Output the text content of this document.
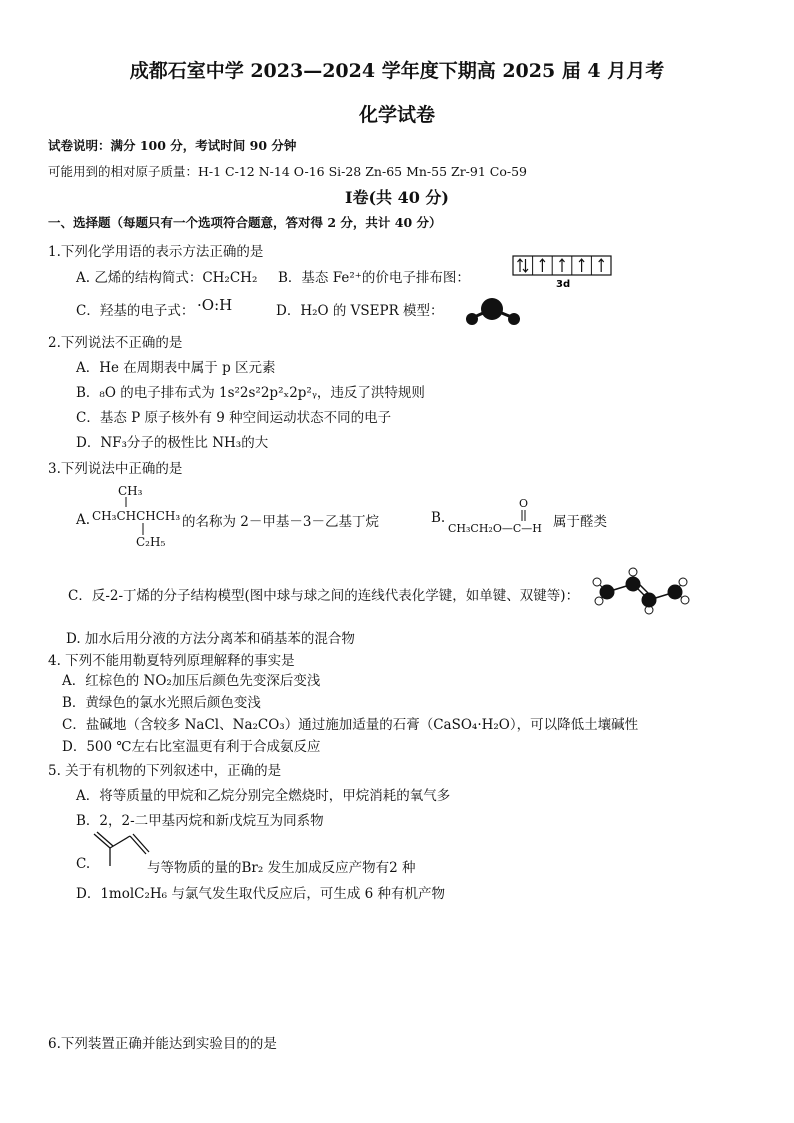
成都石室中学 2023—2024 学年度下期高 2025 届 4 月月考
化学试卷
试卷说明：满分 100 分，考试时间 90 分钟
可能用到的相对原子质量：H-1 C-12 N-14 O-16 Si-28 Zn-65 Mn-55 Zr-91 Co-59
Ⅰ卷(共 40 分)
一、选择题（每题只有一个选项符合题意，答对得 2 分，共计 40 分）
1.下列化学用语的表示方法正确的是
A. 乙烯的结构简式：CH₂CH₂ B．基态 Fe²⁺的价电子排布图：	3d
C．羟基的电子式： ·O:H	D．H₂O 的 VSEPR 模型：
2.下列说法不正确的是
A．He 在周期表中属于 p 区元素
B．₈O 的电子排布式为 1s²2s²2p²ₓ2p²ᵧ，违反了洪特规则
C．基态 P 原子核外有 9 种空间运动状态不同的电子
D．NF₃分子的极性比 NH₃的大
3.下列说法中正确的是
A.
CH₃
CH₃CHCHCH₃
C₂H₅
的名称为 2－甲基－3－乙基丁烷	B.
O
CH₃CH₂O—C—H 属于醛类
C．反-2-丁烯的分子结构模型(图中球与球之间的连线代表化学键，如单键、双键等)：
D. 加水后用分液的方法分离苯和硝基苯的混合物
4. 下列不能用勒夏特列原理解释的事实是
A．红棕色的 NO₂加压后颜色先变深后变浅
B．黄绿色的氯水光照后颜色变浅
C．盐碱地（含较多 NaCl、Na₂CO₃）通过施加适量的石膏（CaSO₄·H₂O），可以降低土壤碱性
D．500 ℃左右比室温更有利于合成氨反应
5. 关于有机物的下列叙述中，正确的是
A．将等质量的甲烷和乙烷分别完全燃烧时，甲烷消耗的氧气多
B．2，2-二甲基丙烷和新戊烷互为同系物
C.	与等物质的量的Br₂ 发生加成反应产物有2 种
D．1molC₂H₆ 与氯气发生取代反应后，可生成 6 种有机产物
6.下列装置正确并能达到实验目的的是
